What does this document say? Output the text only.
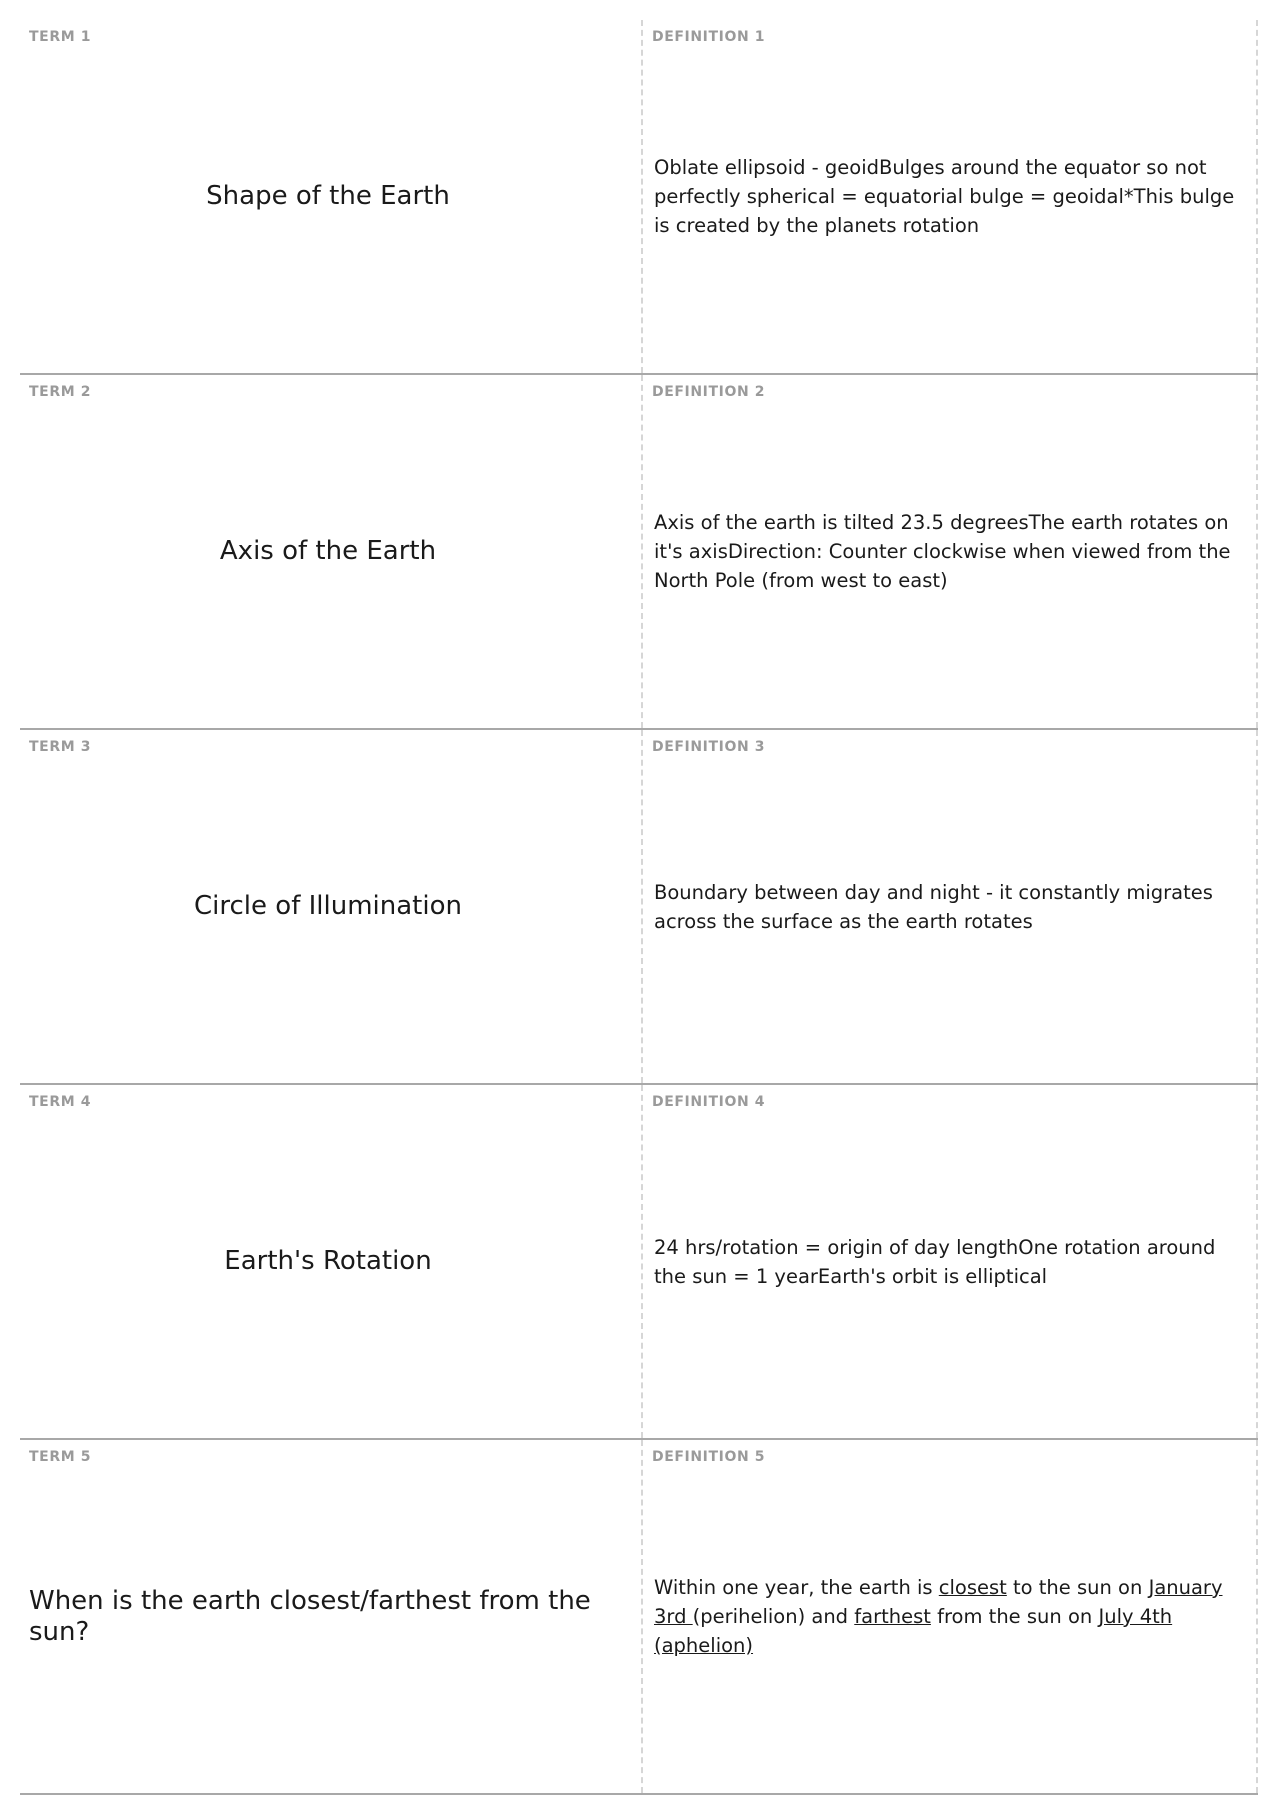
TERM 1
Shape of the Earth
DEFINITION 1
Oblate ellipsoid - geoidBulges around the equator so not perfectly spherical = equatorial bulge = geoidal*This bulge is created by the planets rotation
TERM 2
Axis of the Earth
DEFINITION 2
Axis of the earth is tilted 23.5 degreesThe earth rotates on it's axisDirection: Counter clockwise when viewed from the North Pole (from west to east)
TERM 3
Circle of Illumination
DEFINITION 3
Boundary between day and night - it constantly migrates across the surface as the earth rotates
TERM 4
Earth's Rotation
DEFINITION 4
24 hrs/rotation = origin of day lengthOne rotation around the sun = 1 yearEarth's orbit is elliptical
TERM 5
When is the earth closest/farthest from the sun?
DEFINITION 5
Within one year, the earth is closest to the sun on January 3rd (perihelion) and farthest from the sun on July 4th (aphelion)
